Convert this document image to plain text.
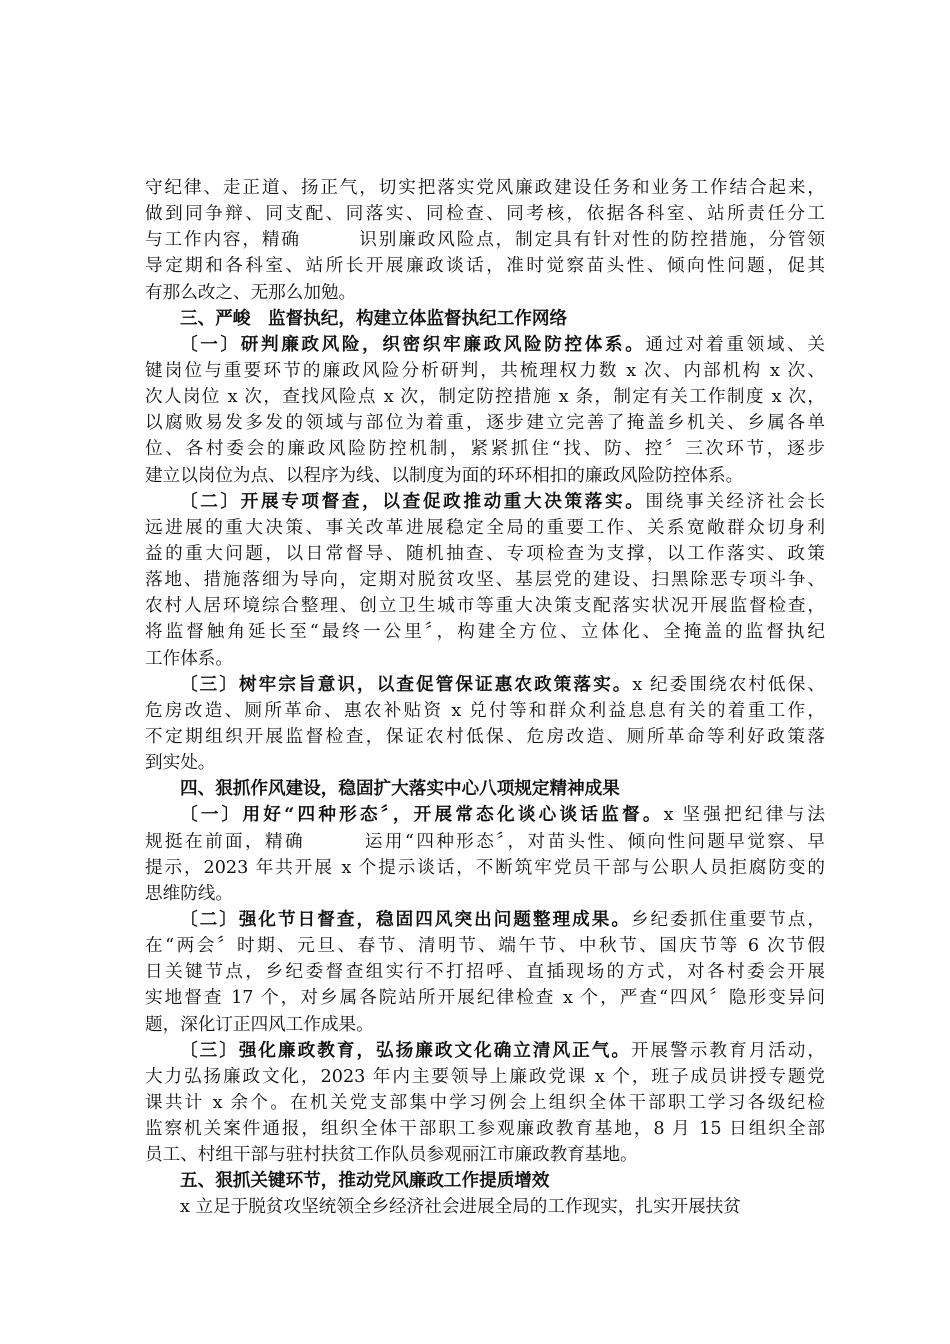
守纪律、走正道、扬正气，切实把落实党风廉政建设任务和业务工作结合起来，
做到同争辩、同支配、同落实、同检查、同考核，依据各科室、站所责任分工
与工作内容，精确　　　识别廉政风险点，制定具有针对性的防控措施，分管领
导定期和各科室、站所长开展廉政谈话，准时觉察苗头性、倾向性问题，促其
有那么改之、无那么加勉。
三、严峻　监督执纪，构建立体监督执纪工作网络
〔一〕研判廉政风险，织密织牢廉政风险防控体系。通过对着重领域、关
键岗位与重要环节的廉政风险分析研判，共梳理权力数 x 次、内部机构 x 次、
次人岗位 x 次，查找风险点 x 次，制定防控措施 x 条，制定有关工作制度 x 次，
以腐败易发多发的领域与部位为着重，逐步建立完善了掩盖乡机关、乡属各单
位、各村委会的廉政风险防控机制，紧紧抓住“找、防、控〞三次环节，逐步
建立以岗位为点、以程序为线、以制度为面的环环相扣的廉政风险防控体系。
〔二〕开展专项督查，以查促政推动重大决策落实。围绕事关经济社会长
远进展的重大决策、事关改革进展稳定全局的重要工作、关系宽敞群众切身利
益的重大问题，以日常督导、随机抽查、专项检查为支撑，以工作落实、政策
落地、措施落细为导向，定期对脱贫攻坚、基层党的建设、扫黑除恶专项斗争、
农村人居环境综合整理、创立卫生城市等重大决策支配落实状况开展监督检查，
将监督触角延长至“最终一公里〞，构建全方位、立体化、全掩盖的监督执纪
工作体系。
〔三〕树牢宗旨意识，以查促管保证惠农政策落实。x 纪委围绕农村低保、
危房改造、厕所革命、惠农补贴资 x 兑付等和群众利益息息有关的着重工作，
不定期组织开展监督检查，保证农村低保、危房改造、厕所革命等利好政策落
到实处。
四、狠抓作风建设，稳固扩大落实中心八项规定精神成果
〔一〕用好“四种形态〞，开展常态化谈心谈话监督。x 坚强把纪律与法
规挺在前面，精确　　　运用“四种形态〞，对苗头性、倾向性问题早觉察、早
提示，2023 年共开展 x 个提示谈话，不断筑牢党员干部与公职人员拒腐防变的
思维防线。
〔二〕强化节日督查，稳固四风突出问题整理成果。乡纪委抓住重要节点，
在“两会〞时期、元旦、春节、清明节、端午节、中秋节、国庆节等 6 次节假
日关键节点，乡纪委督查组实行不打招呼、直插现场的方式，对各村委会开展
实地督查 17 个，对乡属各院站所开展纪律检查 x 个，严查“四风〞隐形变异问
题，深化订正四风工作成果。
〔三〕强化廉政教育，弘扬廉政文化确立清风正气。开展警示教育月活动，
大力弘扬廉政文化，2023 年内主要领导上廉政党课 x 个，班子成员讲授专题党
课共计 x 余个。在机关党支部集中学习例会上组织全体干部职工学习各级纪检
监察机关案件通报，组织全体干部职工参观廉政教育基地，8 月 15 日组织全部
员工、村组干部与驻村扶贫工作队员参观丽江市廉政教育基地。
五、狠抓关键环节，推动党风廉政工作提质增效
x 立足于脱贫攻坚统领全乡经济社会进展全局的工作现实，扎实开展扶贫
